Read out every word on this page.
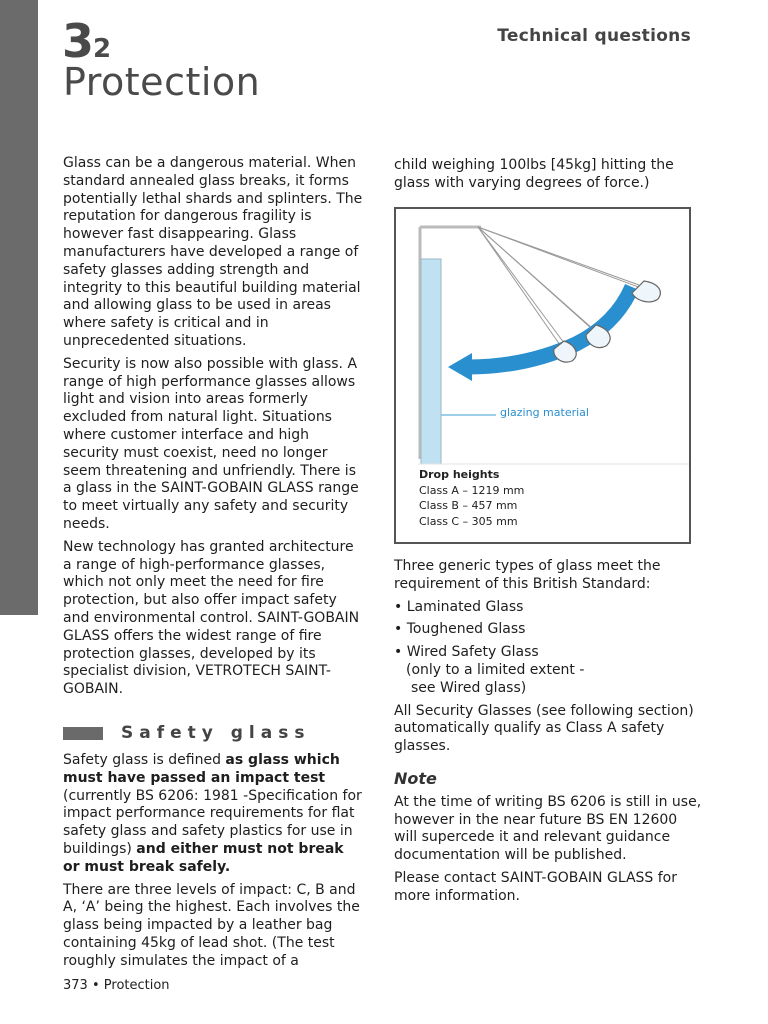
32
Protection
Technical questions

Glass can be a dangerous material. When standard annealed glass breaks, it forms potentially lethal shards and splinters. The reputation for dangerous fragility is however fast disappearing. Glass manufacturers have developed a range of safety glasses adding strength and integrity to this beautiful building material and allowing glass to be used in areas where safety is critical and in unprecedented situations.

Security is now also possible with glass. A range of high performance glasses allows light and vision into areas formerly excluded from natural light. Situations where customer interface and high security must coexist, need no longer seem threatening and unfriendly. There is a glass in the SAINT-GOBAIN GLASS range to meet virtually any safety and security needs.

New technology has granted architecture a range of high-performance glasses, which not only meet the need for fire protection, but also offer impact safety and environmental control. SAINT-GOBAIN GLASS offers the widest range of fire protection glasses, developed by its specialist division, VETROTECH SAINT-GOBAIN.

Safety glass

Safety glass is defined as glass which must have passed an impact test (currently BS 6206: 1981 -Specification for impact performance requirements for flat safety glass and safety plastics for use in buildings) and either must not break or must break safely.

There are three levels of impact: C, B and A, ‘A’ being the highest. Each involves the glass being impacted by a leather bag containing 45kg of lead shot. (The test roughly simulates the impact of a

child weighing 100lbs [45kg] hitting the glass with varying degrees of force.)

glazing material
Drop heights
Class A – 1219 mm
Class B – 457 mm
Class C – 305 mm

Three generic types of glass meet the requirement of this British Standard:

• Laminated Glass

• Toughened Glass

• Wired Safety Glass

(only to a limited extent -
see Wired glass)

All Security Glasses (see following section) automatically qualify as Class A safety glasses.

Note

At the time of writing BS 6206 is still in use, however in the near future BS EN 12600 will supercede it and relevant guidance documentation will be published.

Please contact SAINT-GOBAIN GLASS for more information.

373 • Protection
